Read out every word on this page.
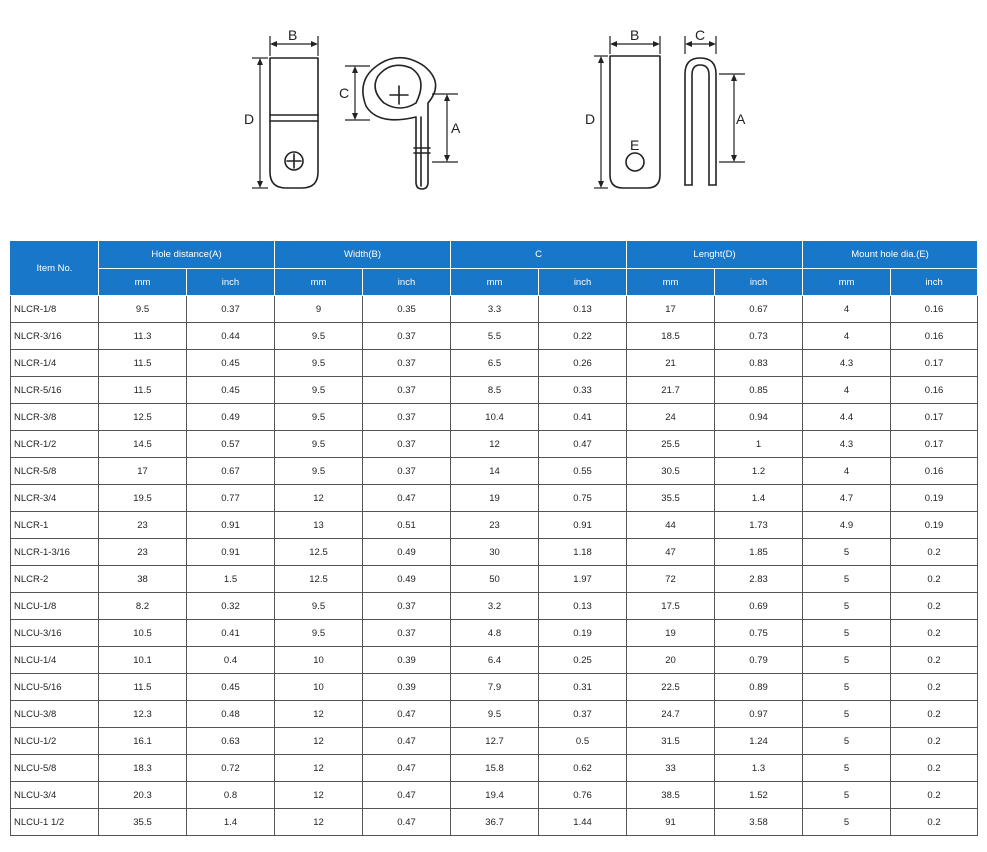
B
D
C
A
B	C
D	A
E
Item No.	Hole distance(A)		Width(B)		C		Lenght(D)		Mount hole dia.(E)	
	mm	inch	mm	inch	mm	inch	mm	inch	mm	inch
NLCR-1/8	9.5	0.37	9	0.35	3.3	0.13	17	0.67	4	0.16
NLCR-3/16	11.3	0.44	9.5	0.37	5.5	0.22	18.5	0.73	4	0.16
NLCR-1/4	11.5	0.45	9.5	0.37	6.5	0.26	21	0.83	4.3	0.17
NLCR-5/16	11.5	0.45	9.5	0.37	8.5	0.33	21.7	0.85	4	0.16
NLCR-3/8	12.5	0.49	9.5	0.37	10.4	0.41	24	0.94	4.4	0.17
NLCR-1/2	14.5	0.57	9.5	0.37	12	0.47	25.5	1	4.3	0.17
NLCR-5/8	17	0.67	9.5	0.37	14	0.55	30.5	1.2	4	0.16
NLCR-3/4	19.5	0.77	12	0.47	19	0.75	35.5	1.4	4.7	0.19
NLCR-1	23	0.91	13	0.51	23	0.91	44	1.73	4.9	0.19
NLCR-1-3/16	23	0.91	12.5	0.49	30	1.18	47	1.85	5	0.2
NLCR-2	38	1.5	12.5	0.49	50	1.97	72	2.83	5	0.2
NLCU-1/8	8.2	0.32	9.5	0.37	3.2	0.13	17.5	0.69	5	0.2
NLCU-3/16	10.5	0.41	9.5	0.37	4.8	0.19	19	0.75	5	0.2
NLCU-1/4	10.1	0.4	10	0.39	6.4	0.25	20	0.79	5	0.2
NLCU-5/16	11.5	0.45	10	0.39	7.9	0.31	22.5	0.89	5	0.2
NLCU-3/8	12.3	0.48	12	0.47	9.5	0.37	24.7	0.97	5	0.2
NLCU-1/2	16.1	0.63	12	0.47	12.7	0.5	31.5	1.24	5	0.2
NLCU-5/8	18.3	0.72	12	0.47	15.8	0.62	33	1.3	5	0.2
NLCU-3/4	20.3	0.8	12	0.47	19.4	0.76	38.5	1.52	5	0.2
NLCU-1 1/2	35.5	1.4	12	0.47	36.7	1.44	91	3.58	5	0.2
